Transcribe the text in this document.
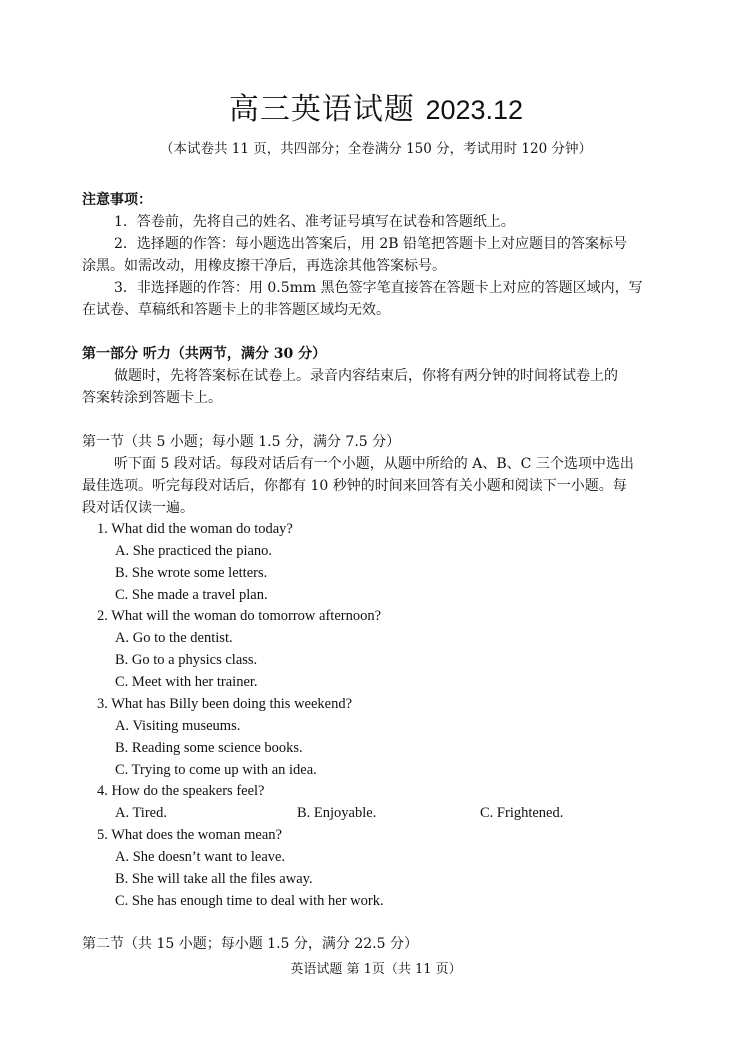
高三英语试题 2023.12
（本试卷共 11 页，共四部分；全卷满分 150 分，考试用时 120 分钟）
注意事项：
1．答卷前，先将自己的姓名、准考证号填写在试卷和答题纸上。
2．选择题的作答：每小题选出答案后，用 2B 铅笔把答题卡上对应题目的答案标号
涂黑。如需改动，用橡皮擦干净后，再选涂其他答案标号。
3．非选择题的作答：用 0.5mm 黑色签字笔直接答在答题卡上对应的答题区域内，写
在试卷、草稿纸和答题卡上的非答题区域均无效。
第一部分 听力（共两节，满分 30 分）
做题时，先将答案标在试卷上。录音内容结束后，你将有两分钟的时间将试卷上的
答案转涂到答题卡上。
第一节（共 5 小题；每小题 1.5 分，满分 7.5 分）
听下面 5 段对话。每段对话后有一个小题，从题中所给的 A、B、C 三个选项中选出
最佳选项。听完每段对话后，你都有 10 秒钟的时间来回答有关小题和阅读下一小题。每
段对话仅读一遍。
1. What did the woman do today?
A. She practiced the piano.
B. She wrote some letters.
C. She made a travel plan.
2. What will the woman do tomorrow afternoon?
A. Go to the dentist.
B. Go to a physics class.
C. Meet with her trainer.
3. What has Billy been doing this weekend?
A. Visiting museums.
B. Reading some science books.
C. Trying to come up with an idea.
4. How do the speakers feel?
A. Tired.	B. Enjoyable.	C. Frightened.
5. What does the woman mean?
A. She doesn’t want to leave.
B. She will take all the files away.
C. She has enough time to deal with her work.
第二节（共 15 小题；每小题 1.5 分，满分 22.5 分）
英语试题 第 1页（共 11 页）
